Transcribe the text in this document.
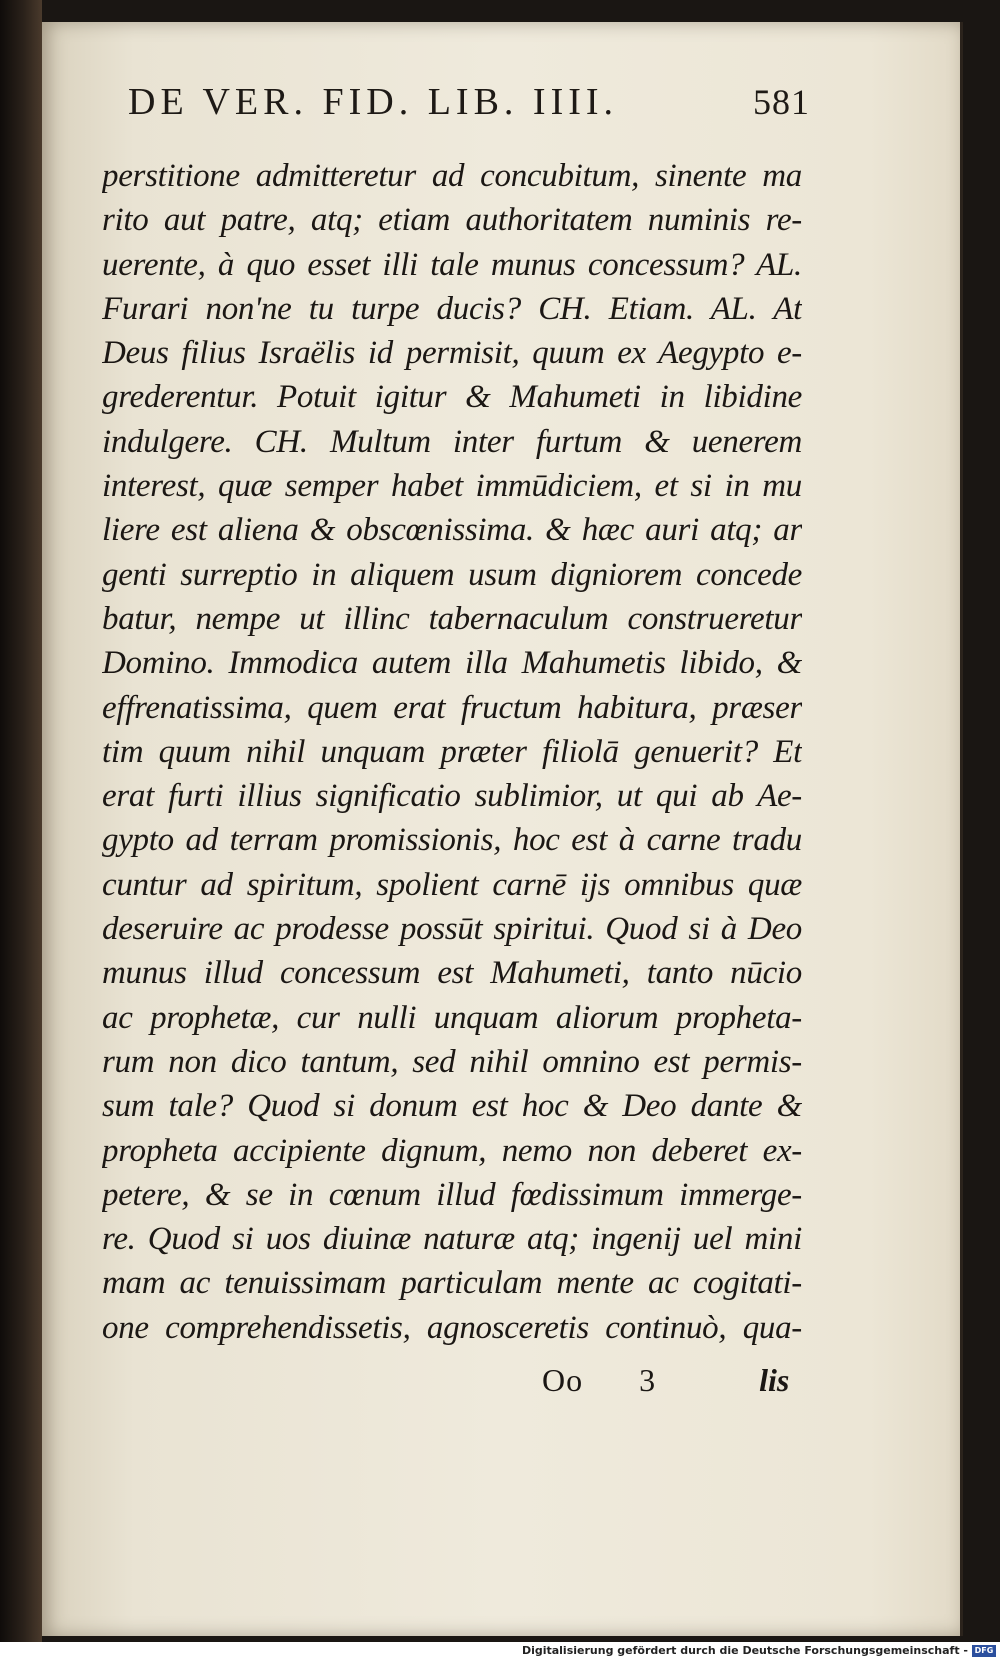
DE VER. FID. LIB. IIII.	581
perstitione admitteretur ad concubitum, sinente ma
rito aut patre, atq; etiam authoritatem numinis re-
uerente, à quo esset illi tale munus concessum? AL.
Furari non'ne tu turpe ducis? CH. Etiam. AL. At
Deus filius Israëlis id permisit, quum ex Aegypto e-
grederentur. Potuit igitur & Mahumeti in libidine
indulgere. CH. Multum inter furtum & uenerem
interest, quæ semper habet immūdiciem, et si in mu
liere est aliena & obscœnissima. & hæc auri atq; ar
genti surreptio in aliquem usum digniorem concede
batur, nempe ut illinc tabernaculum construeretur
Domino. Immodica autem illa Mahumetis libido, &
effrenatissima, quem erat fructum habitura, præser
tim quum nihil unquam præter filiolā genuerit? Et
erat furti illius significatio sublimior, ut qui ab Ae-
gypto ad terram promissionis, hoc est à carne tradu
cuntur ad spiritum, spolient carnē ijs omnibus quæ
deseruire ac prodesse possūt spiritui. Quod si à Deo
munus illud concessum est Mahumeti, tanto nūcio
ac prophetæ, cur nulli unquam aliorum propheta-
rum non dico tantum, sed nihil omnino est permis-
sum tale? Quod si donum est hoc & Deo dante &
propheta accipiente dignum, nemo non deberet ex-
petere, & se in cœnum illud fœdissimum immerge-
re. Quod si uos diuinæ naturæ atq; ingenij uel mini
mam ac tenuissimam particulam mente ac cogitati-
one comprehendissetis, agnosceretis continuò, qua-
Oo 3	lis
Digitalisierung gefördert durch die Deutsche Forschungsgemeinschaft - DFG
